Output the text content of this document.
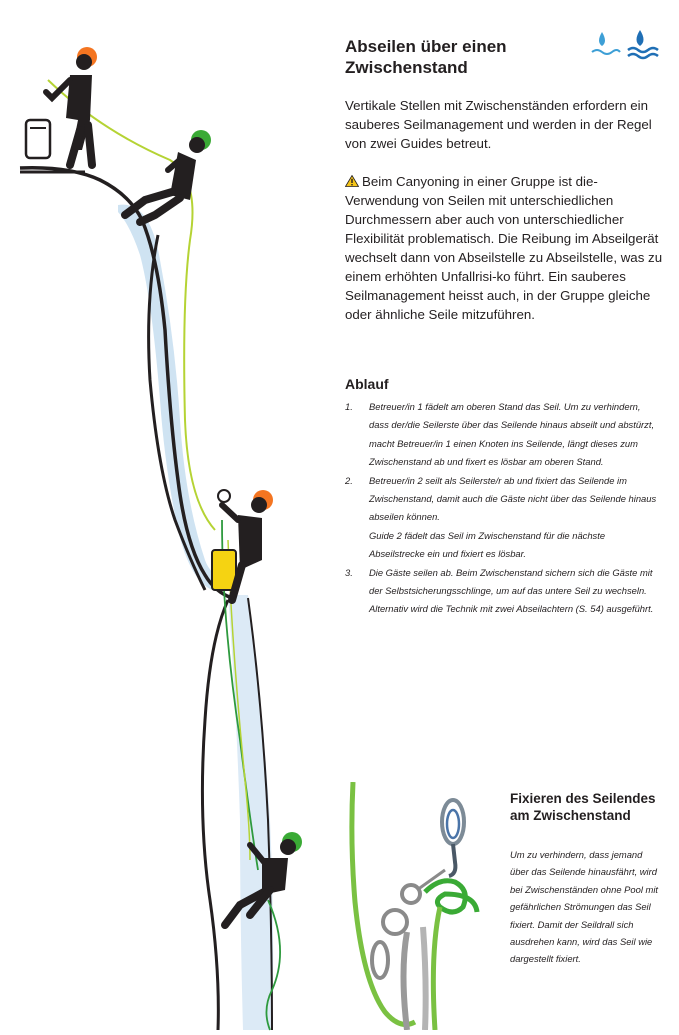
Abseilen über einen Zwischenstand

Vertikale Stellen mit Zwischenständen erfordern ein sauberes Seilmanagement und werden in der Regel von zwei Guides betreut.

Beim Canyoning in einer Gruppe ist die-Verwendung von Seilen mit unterschiedlichen Durchmessern aber auch von unterschiedlicher Flexibilität problematisch. Die Reibung im Abseilgerät wechselt dann von Abseilstelle zu Abseilstelle, was zu einem erhöhten Unfallrisi-ko führt. Ein sauberes Seilmanagement heisst auch, in der Gruppe gleiche oder ähnliche Seile mitzuführen.

Ablauf
1. Betreuer/in 1 fädelt am oberen Stand das Seil. Um zu verhindern, dass der/die Seilerste über das Seilende hinaus abseilt und abstürzt, macht Betreuer/in 1 einen Knoten ins Seilende, längt dieses zum Zwischenstand ab und fixert es lösbar am oberen Stand.
2. Betreuer/in 2 seilt als Seilerste/r ab und fixiert das Seilende im Zwischenstand, damit auch die Gäste nicht über das Seilende hinaus abseilen können.
Guide 2 fädelt das Seil im Zwischenstand für die nächste Abseilstrecke ein und fixiert es lösbar.
3. Die Gäste seilen ab. Beim Zwischenstand sichern sich die Gäste mit der Selbstsicherungsschlinge, um auf das untere Seil zu wechseln. Alternativ wird die Technik mit zwei Abseilachtern (S. 54) ausgeführt.
Fixieren des Seilendes am Zwischenstand

Um zu verhindern, dass jemand über das Seilende hinausfährt, wird bei Zwischenständen ohne Pool mit gefährlichen Strömungen das Seil fixiert. Damit der Seildrall sich ausdrehen kann, wird das Seil wie dargestellt fixiert.
